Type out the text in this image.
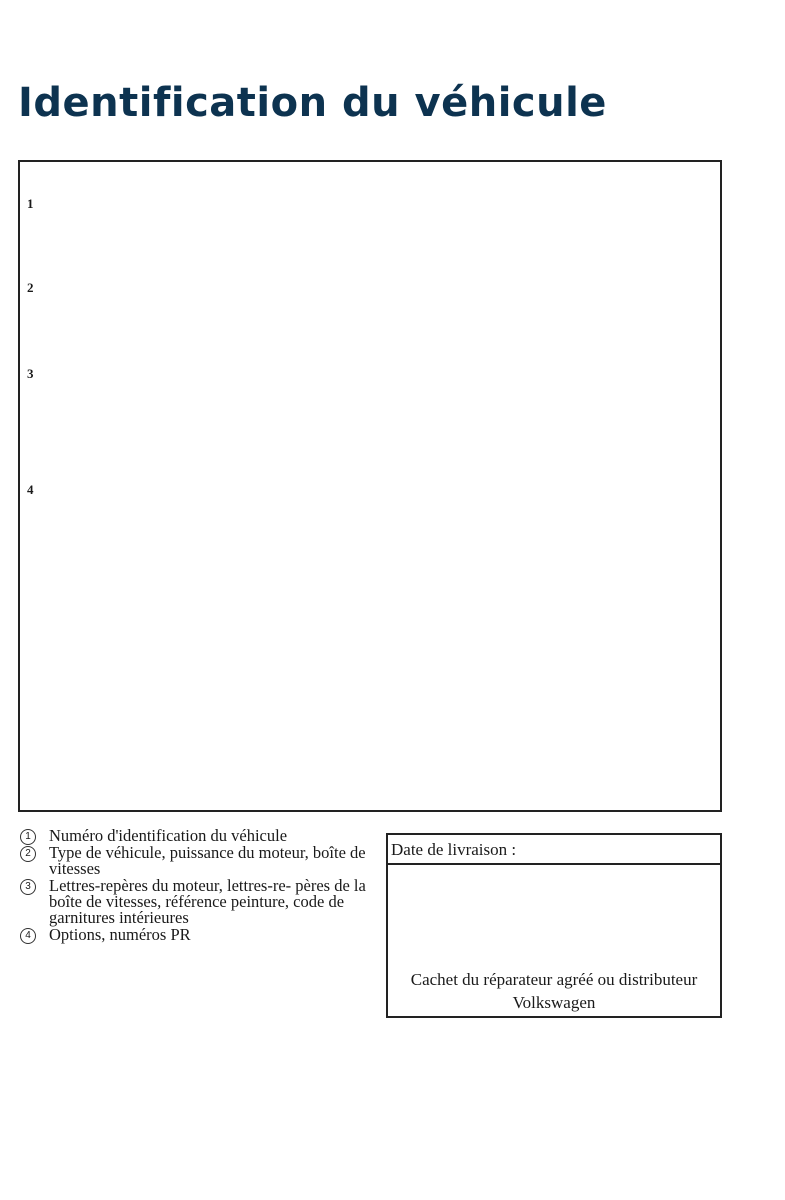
Identification du véhicule
1
2
3
4
1	Numéro d'identification du véhicule
2	Type de véhicule, puissance du moteur, boîte de vitesses
3	Lettres-repères du moteur, lettres-re- pères de la boîte de vitesses, référence peinture, code de garnitures intérieures
4	Options, numéros PR
Date de livraison :
Cachet du réparateur agréé ou distributeur
Volkswagen
